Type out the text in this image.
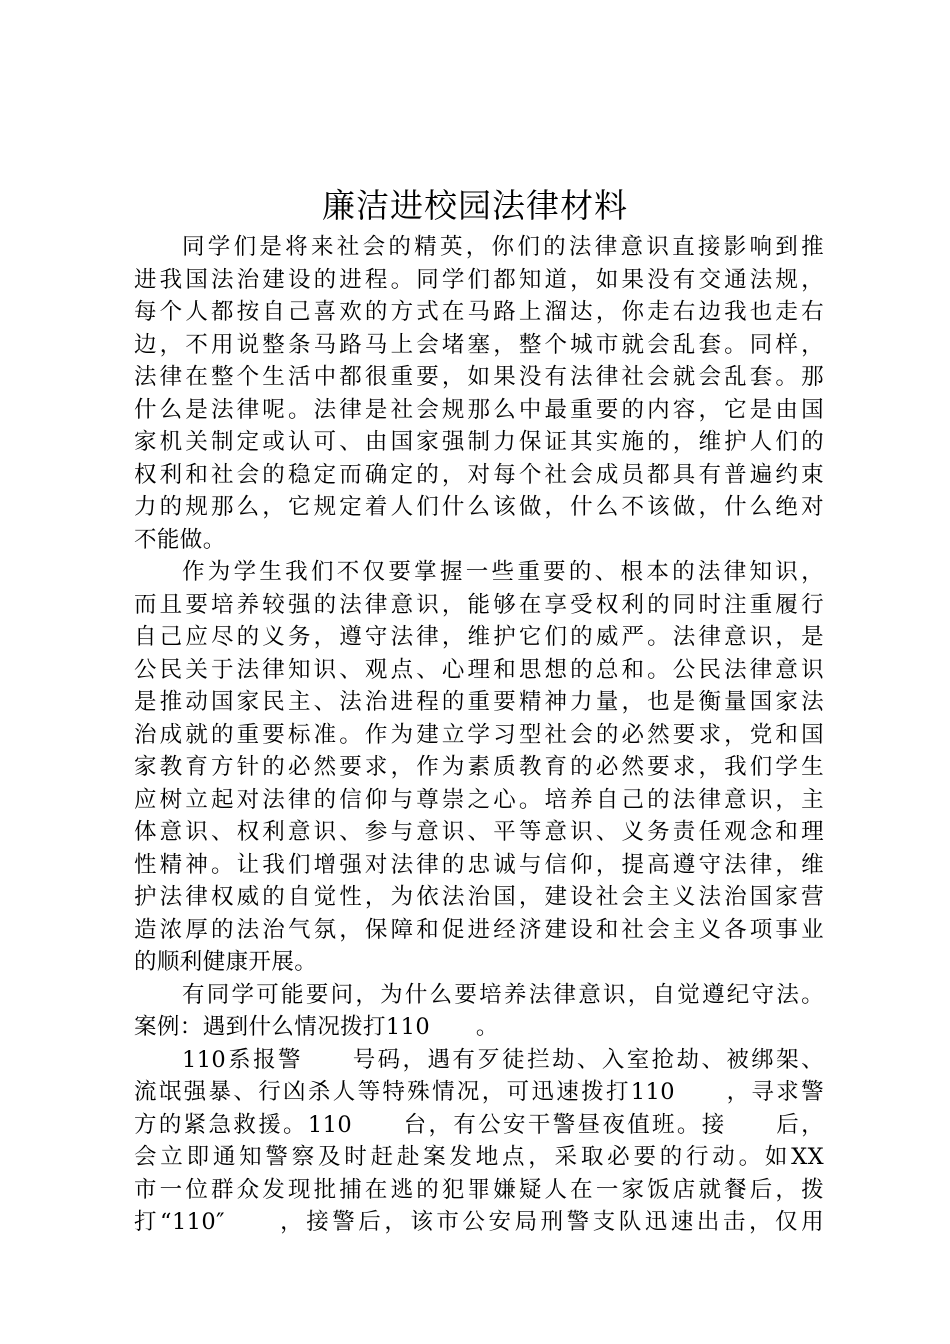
廉洁进校园法律材料
同学们是将来社会的精英，你们的法律意识直接影响到推
进我国法治建设的进程。同学们都知道，如果没有交通法规，
每个人都按自己喜欢的方式在马路上溜达，你走右边我也走右
边，不用说整条马路马上会堵塞，整个城市就会乱套。同样，
法律在整个生活中都很重要，如果没有法律社会就会乱套。那
什么是法律呢。法律是社会规那么中最重要的内容，它是由国
家机关制定或认可、由国家强制力保证其实施的，维护人们的
权利和社会的稳定而确定的，对每个社会成员都具有普遍约束
力的规那么，它规定着人们什么该做，什么不该做，什么绝对
不能做。
作为学生我们不仅要掌握一些重要的、根本的法律知识，
而且要培养较强的法律意识，能够在享受权利的同时注重履行
自己应尽的义务，遵守法律，维护它们的威严。法律意识，是
公民关于法律知识、观点、心理和思想的总和。公民法律意识
是推动国家民主、法治进程的重要精神力量，也是衡量国家法
治成就的重要标准。作为建立学习型社会的必然要求，党和国
家教育方针的必然要求，作为素质教育的必然要求，我们学生
应树立起对法律的信仰与尊崇之心。培养自己的法律意识，主
体意识、权利意识、参与意识、平等意识、义务责任观念和理
性精神。让我们增强对法律的忠诚与信仰，提高遵守法律，维
护法律权威的自觉性，为依法治国，建设社会主义法治国家营
造浓厚的法治气氛，保障和促进经济建设和社会主义各项事业
的顺利健康开展。
有同学可能要问，为什么要培养法律意识，自觉遵纪守法。
案例：遇到什么情况拨打110　　。
110系报警　　号码，遇有歹徒拦劫、入室抢劫、被绑架、
流氓强暴、行凶杀人等特殊情况，可迅速拨打110　　，寻求警
方的紧急救援。110　　台，有公安干警昼夜值班。接　　后，
会立即通知警察及时赶赴案发地点，采取必要的行动。如XX
市一位群众发现批捕在逃的犯罪嫌疑人在一家饭店就餐后，拨
打“110″　　，接警后，该市公安局刑警支队迅速出击，仅用
